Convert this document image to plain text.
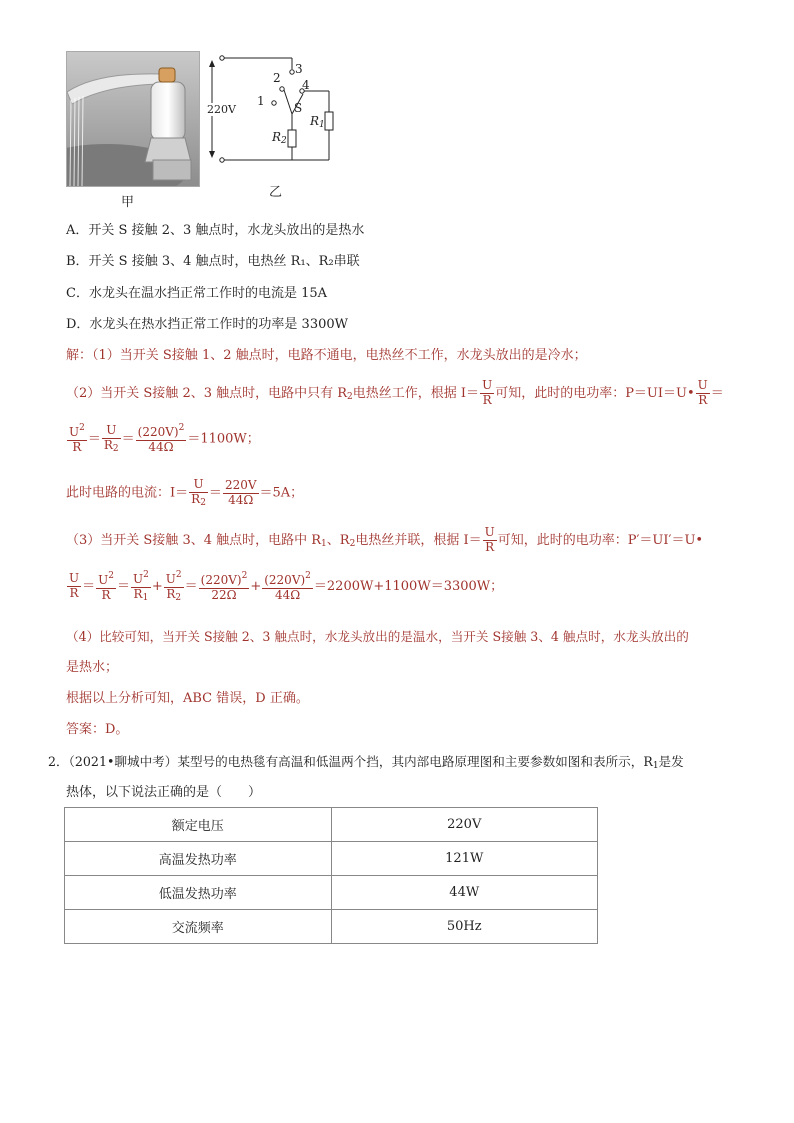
甲
220V
1
2
3
4
S
$R_1$
$R_2$
乙
A．开关 S 接触 2、3 触点时，水龙头放出的是热水
B．开关 S 接触 3、4 触点时，电热丝 R₁、R₂串联
C．水龙头在温水挡正常工作时的电流是 15A
D．水龙头在热水挡正常工作时的功率是 3300W
解：（1）当开关 S接触 1、2 触点时，电路不通电，电热丝不工作，水龙头放出的是冷水；
（2）当开关 S接触 2、3 触点时，电路中只有 $R_2$电热丝工作，根据 $I= \frac{U}{R}$ 可知，此时的电功率：P＝UI＝U• $\frac{U}{R}$ ＝
$\frac{U^2}{R} = \frac{U}{R_2} = \frac{(220V)^2}{44\Omega} =1100W$；
此时电路的电流：$I= \frac{U}{R_2} = \frac{220V}{44\Omega} =5A$；
（3）当开关 S接触 3、4 触点时，电路中 $R_1$、$R_2$电热丝并联，根据 $I= \frac{U}{R}$ 可知，此时的电功率：P′＝UI′＝U•
$\frac{U}{R} = \frac{U^2}{R} = \frac{U^2}{R_1} + \frac{U^2}{R_2} = \frac{(220V)^2}{22\Omega} + \frac{(220V)^2}{44\Omega} =2200W+1100W=3300W$；
（4）比较可知，当开关 S接触 2、3 触点时，水龙头放出的是温水，当开关 S接触 3、4 触点时，水龙头放出的
是热水；
根据以上分析可知，ABC 错误，D 正确。
答案：D。
2．（2021•聊城中考）某型号的电热毯有高温和低温两个挡，其内部电路原理图和主要参数如图和表所示，$R_1$是发
热体，以下说法正确的是（　　）
额定电压	220V
高温发热功率	121W
低温发热功率	44W
交流频率	50Hz
